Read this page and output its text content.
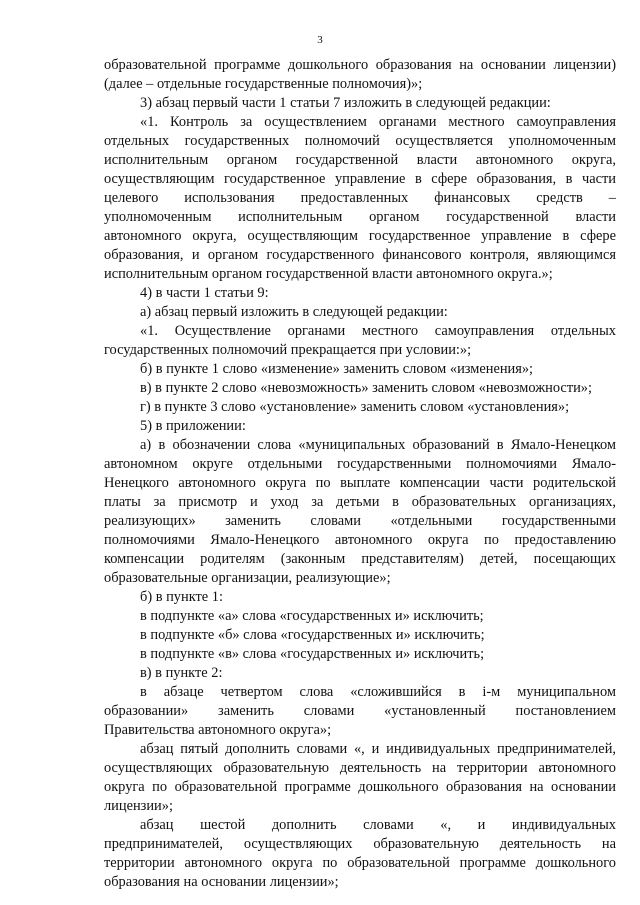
3
образовательной программе дошкольного образования на основании лицензии)
(далее – отдельные государственные полномочия)»;
3) абзац первый части 1 статьи 7 изложить в следующей редакции:
«1. Контроль за осуществлением органами местного самоуправления
отдельных государственных полномочий осуществляется уполномоченным
исполнительным органом государственной власти автономного округа,
осуществляющим государственное управление в сфере образования, в части
целевого использования предоставленных финансовых средств –
уполномоченным исполнительным органом государственной власти
автономного округа, осуществляющим государственное управление в сфере
образования, и органом государственного финансового контроля, являющимся
исполнительным органом государственной власти автономного округа.»;
4) в части 1 статьи 9:
а) абзац первый изложить в следующей редакции:
«1. Осуществление органами местного самоуправления отдельных
государственных полномочий прекращается при условии:»;
б) в пункте 1 слово «изменение» заменить словом «изменения»;
в) в пункте 2 слово «невозможность» заменить словом «невозможности»;
г) в пункте 3 слово «установление» заменить словом «установления»;
5) в приложении:
а) в обозначении слова «муниципальных образований в Ямало-Ненецком
автономном округе отдельными государственными полномочиями Ямало-
Ненецкого автономного округа по выплате компенсации части родительской
платы за присмотр и уход за детьми в образовательных организациях,
реализующих» заменить словами «отдельными государственными
полномочиями Ямало-Ненецкого автономного округа по предоставлению
компенсации родителям (законным представителям) детей, посещающих
образовательные организации, реализующие»;
б) в пункте 1:
в подпункте «а» слова «государственных и» исключить;
в подпункте «б» слова «государственных и» исключить;
в подпункте «в» слова «государственных и» исключить;
в) в пункте 2:
в абзаце четвертом слова «сложившийся в i-м муниципальном
образовании» заменить словами «установленный постановлением
Правительства автономного округа»;
абзац пятый дополнить словами «, и индивидуальных предпринимателей,
осуществляющих образовательную деятельность на территории автономного
округа по образовательной программе дошкольного образования на основании
лицензии»;
абзац шестой дополнить словами «, и индивидуальных
предпринимателей, осуществляющих образовательную деятельность на
территории автономного округа по образовательной программе дошкольного
образования на основании лицензии»;
